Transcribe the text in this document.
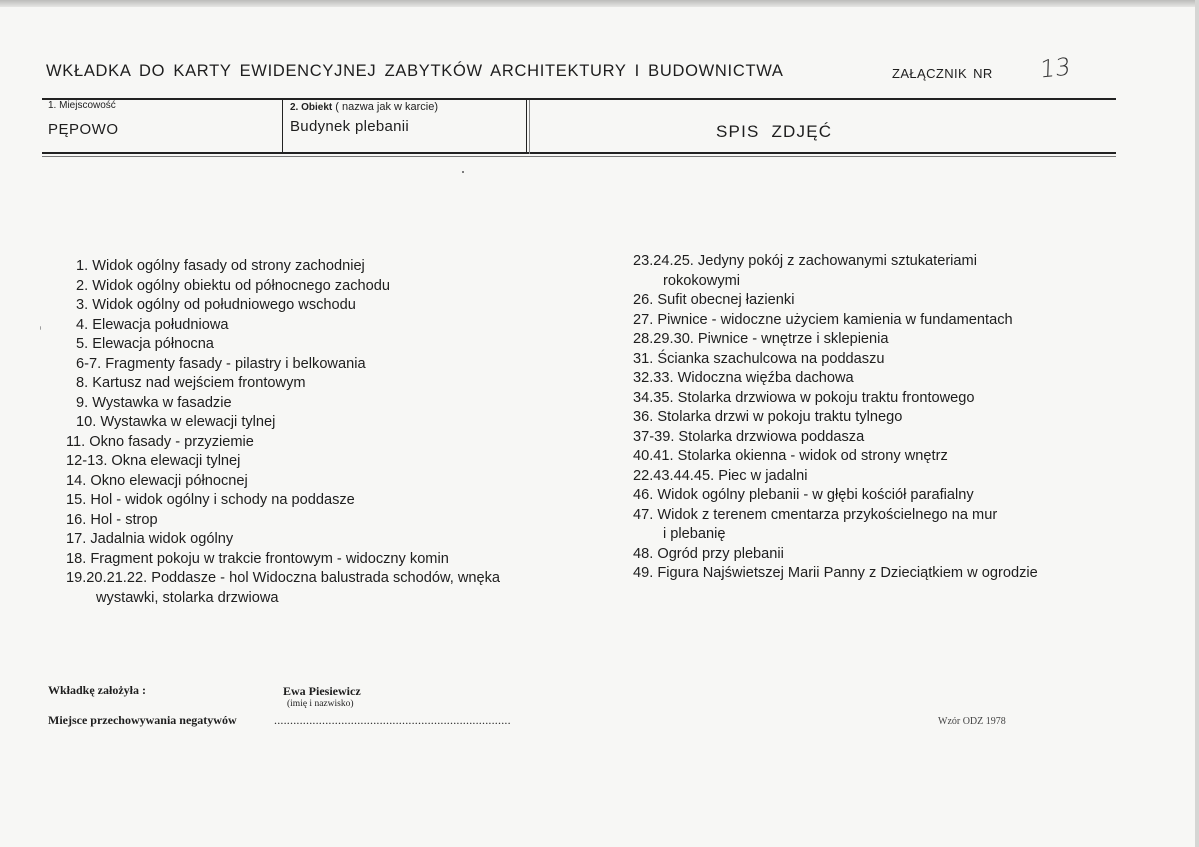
WKŁADKA DO KARTY EWIDENCYJNEJ ZABYTKÓW ARCHITEKTURY I BUDOWNICTWA	ZAŁĄCZNIK NR 13
1. Miejscowość
PĘPOWO
2. Obiekt ( nazwa jak w karcie)
Budynek plebanii	SPIS ZDJĘĆ
1. Widok ogólny fasady od strony zachodniej
2. Widok ogólny obiektu od północnego zachodu
3. Widok ogólny od południowego wschodu
4. Elewacja południowa
5. Elewacja północna
6-7. Fragmenty fasady - pilastry i belkowania
8. Kartusz nad wejściem frontowym
9. Wystawka w fasadzie
10. Wystawka w elewacji tylnej
11. Okno fasady - przyziemie
12-13. Okna elewacji tylnej
14. Okno elewacji północnej
15. Hol - widok ogólny i schody na poddasze
16. Hol - strop
17. Jadalnia widok ogólny
18. Fragment pokoju w trakcie frontowym - widoczny komin
19.20.21.22. Poddasze - hol Widoczna balustrada schodów, wnęka
wystawki, stolarka drzwiowa
23.24.25. Jedyny pokój z zachowanymi sztukateriami
rokokowymi
26. Sufit obecnej łazienki
27. Piwnice - widoczne użyciem kamienia w fundamentach
28.29.30. Piwnice - wnętrze i sklepienia
31. Ścianka szachulcowa na poddaszu
32.33. Widoczna więźba dachowa
34.35. Stolarka drzwiowa w pokoju traktu frontowego
36. Stolarka drzwi w pokoju traktu tylnego
37-39. Stolarka drzwiowa poddasza
40.41. Stolarka okienna - widok od strony wnętrz
22.43.44.45. Piec w jadalni
46. Widok ogólny plebanii - w głębi kościół parafialny
47. Widok z terenem cmentarza przykościelnego na mur
i plebanię
48. Ogród przy plebanii
49. Figura Najświetszej Marii Panny z Dzieciątkiem w ogrodzie
Wkładkę założyła :	Ewa Piesiewicz
(imię i nazwisko)
Miejsce przechowywania negatywów	..........................................................................	Wzór ODZ 1978
